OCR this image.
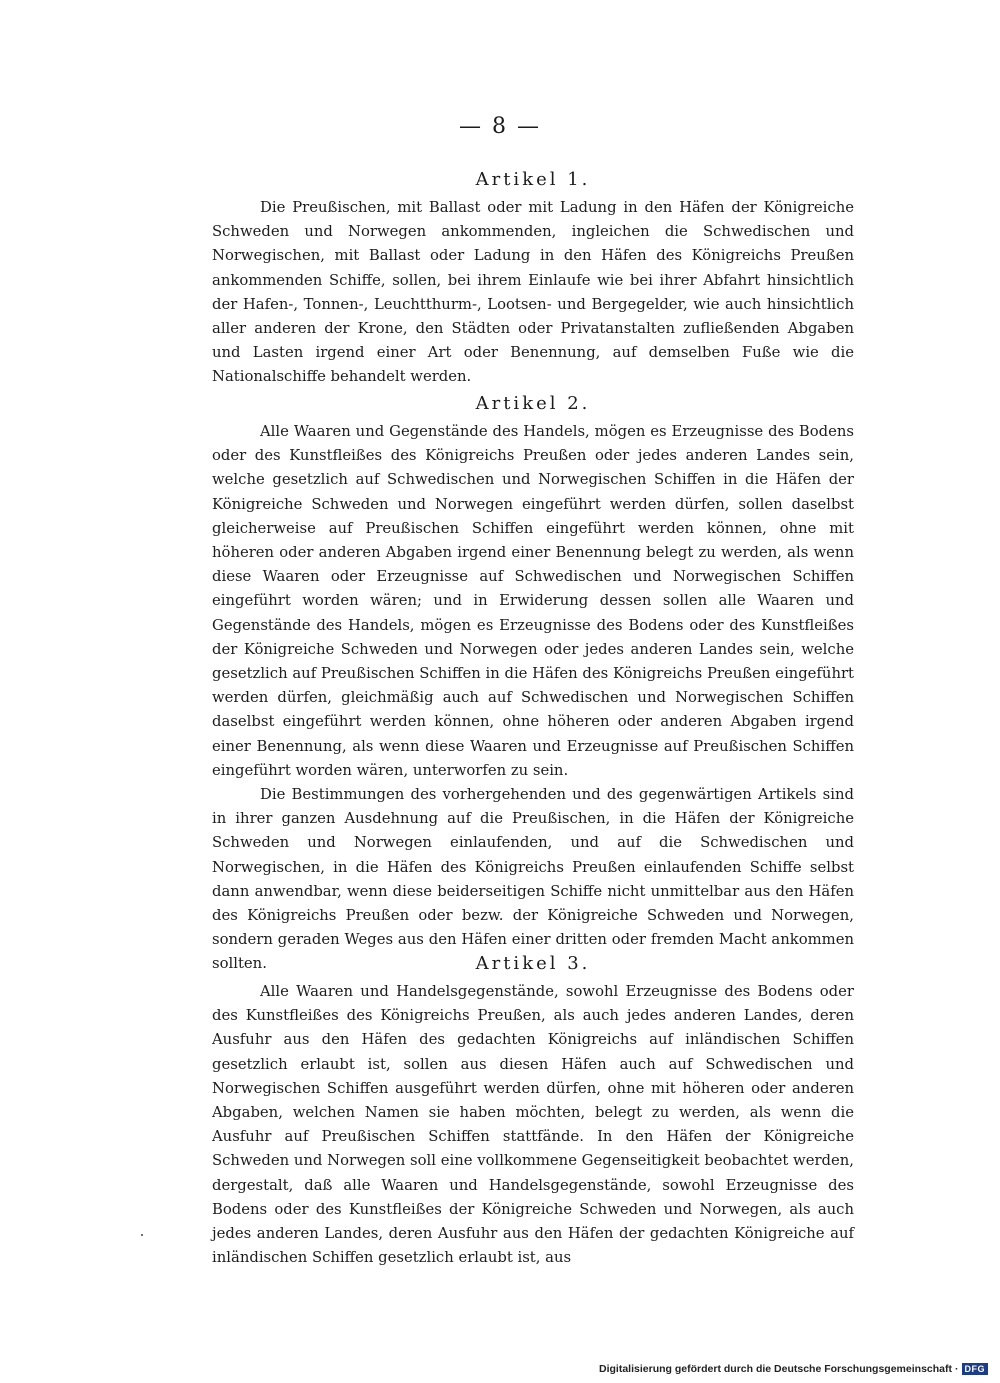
— 8 —
Artikel 1.

Die Preußischen, mit Ballast oder mit Ladung in den Häfen der Königreiche Schweden und Norwegen ankommenden, ingleichen die Schwedischen und Norwegischen, mit Ballast oder Ladung in den Häfen des Königreichs Preußen ankommenden Schiffe, sollen, bei ihrem Einlaufe wie bei ihrer Abfahrt hinsichtlich der Hafen-, Tonnen-, Leuchtthurm-, Lootsen- und Bergegelder, wie auch hinsichtlich aller anderen der Krone, den Städten oder Privatanstalten zufließenden Abgaben und Lasten irgend einer Art oder Benennung, auf demselben Fuße wie die Nationalschiffe behandelt werden.

Artikel 2.

Alle Waaren und Gegenstände des Handels, mögen es Erzeugnisse des Bodens oder des Kunstfleißes des Königreichs Preußen oder jedes anderen Landes sein, welche gesetzlich auf Schwedischen und Norwegischen Schiffen in die Häfen der Königreiche Schweden und Norwegen eingeführt werden dürfen, sollen daselbst gleicherweise auf Preußischen Schiffen eingeführt werden können, ohne mit höheren oder anderen Abgaben irgend einer Benennung belegt zu werden, als wenn diese Waaren oder Erzeugnisse auf Schwedischen und Norwegischen Schiffen eingeführt worden wären; und in Erwiderung dessen sollen alle Waaren und Gegenstände des Handels, mögen es Erzeugnisse des Bodens oder des Kunstfleißes der Königreiche Schweden und Norwegen oder jedes anderen Landes sein, welche gesetzlich auf Preußischen Schiffen in die Häfen des Königreichs Preußen eingeführt werden dürfen, gleichmäßig auch auf Schwedischen und Norwegischen Schiffen daselbst eingeführt werden können, ohne höheren oder anderen Abgaben irgend einer Benennung, als wenn diese Waaren und Erzeugnisse auf Preußischen Schiffen eingeführt worden wären, unterworfen zu sein.

Die Bestimmungen des vorhergehenden und des gegenwärtigen Artikels sind in ihrer ganzen Ausdehnung auf die Preußischen, in die Häfen der Königreiche Schweden und Norwegen einlaufenden, und auf die Schwedischen und Norwegischen, in die Häfen des Königreichs Preußen einlaufenden Schiffe selbst dann anwendbar, wenn diese beiderseitigen Schiffe nicht unmittelbar aus den Häfen des Königreichs Preußen oder bezw. der Königreiche Schweden und Norwegen, sondern geraden Weges aus den Häfen einer dritten oder fremden Macht ankommen sollten.	Artikel 3.

Alle Waaren und Handelsgegenstände, sowohl Erzeugnisse des Bodens oder des Kunstfleißes des Königreichs Preußen, als auch jedes anderen Landes, deren Ausfuhr aus den Häfen des gedachten Königreichs auf inländischen Schiffen gesetzlich erlaubt ist, sollen aus diesen Häfen auch auf Schwedischen und Norwegischen Schiffen ausgeführt werden dürfen, ohne mit höheren oder anderen Abgaben, welchen Namen sie haben möchten, belegt zu werden, als wenn die Ausfuhr auf Preußischen Schiffen stattfände. In den Häfen der Königreiche Schweden und Norwegen soll eine vollkommene Gegenseitigkeit beobachtet werden, dergestalt, daß alle Waaren und Handelsgegenstände, sowohl Erzeugnisse des Bodens oder des Kunstfleißes der Königreiche Schweden und Norwegen, als auch jedes anderen Landes, deren Ausfuhr aus den Häfen der gedachten Königreiche auf inländischen Schiffen gesetzlich erlaubt ist, aus

Digitalisierung gefördert durch die Deutsche Forschungsgemeinschaft · DFG
